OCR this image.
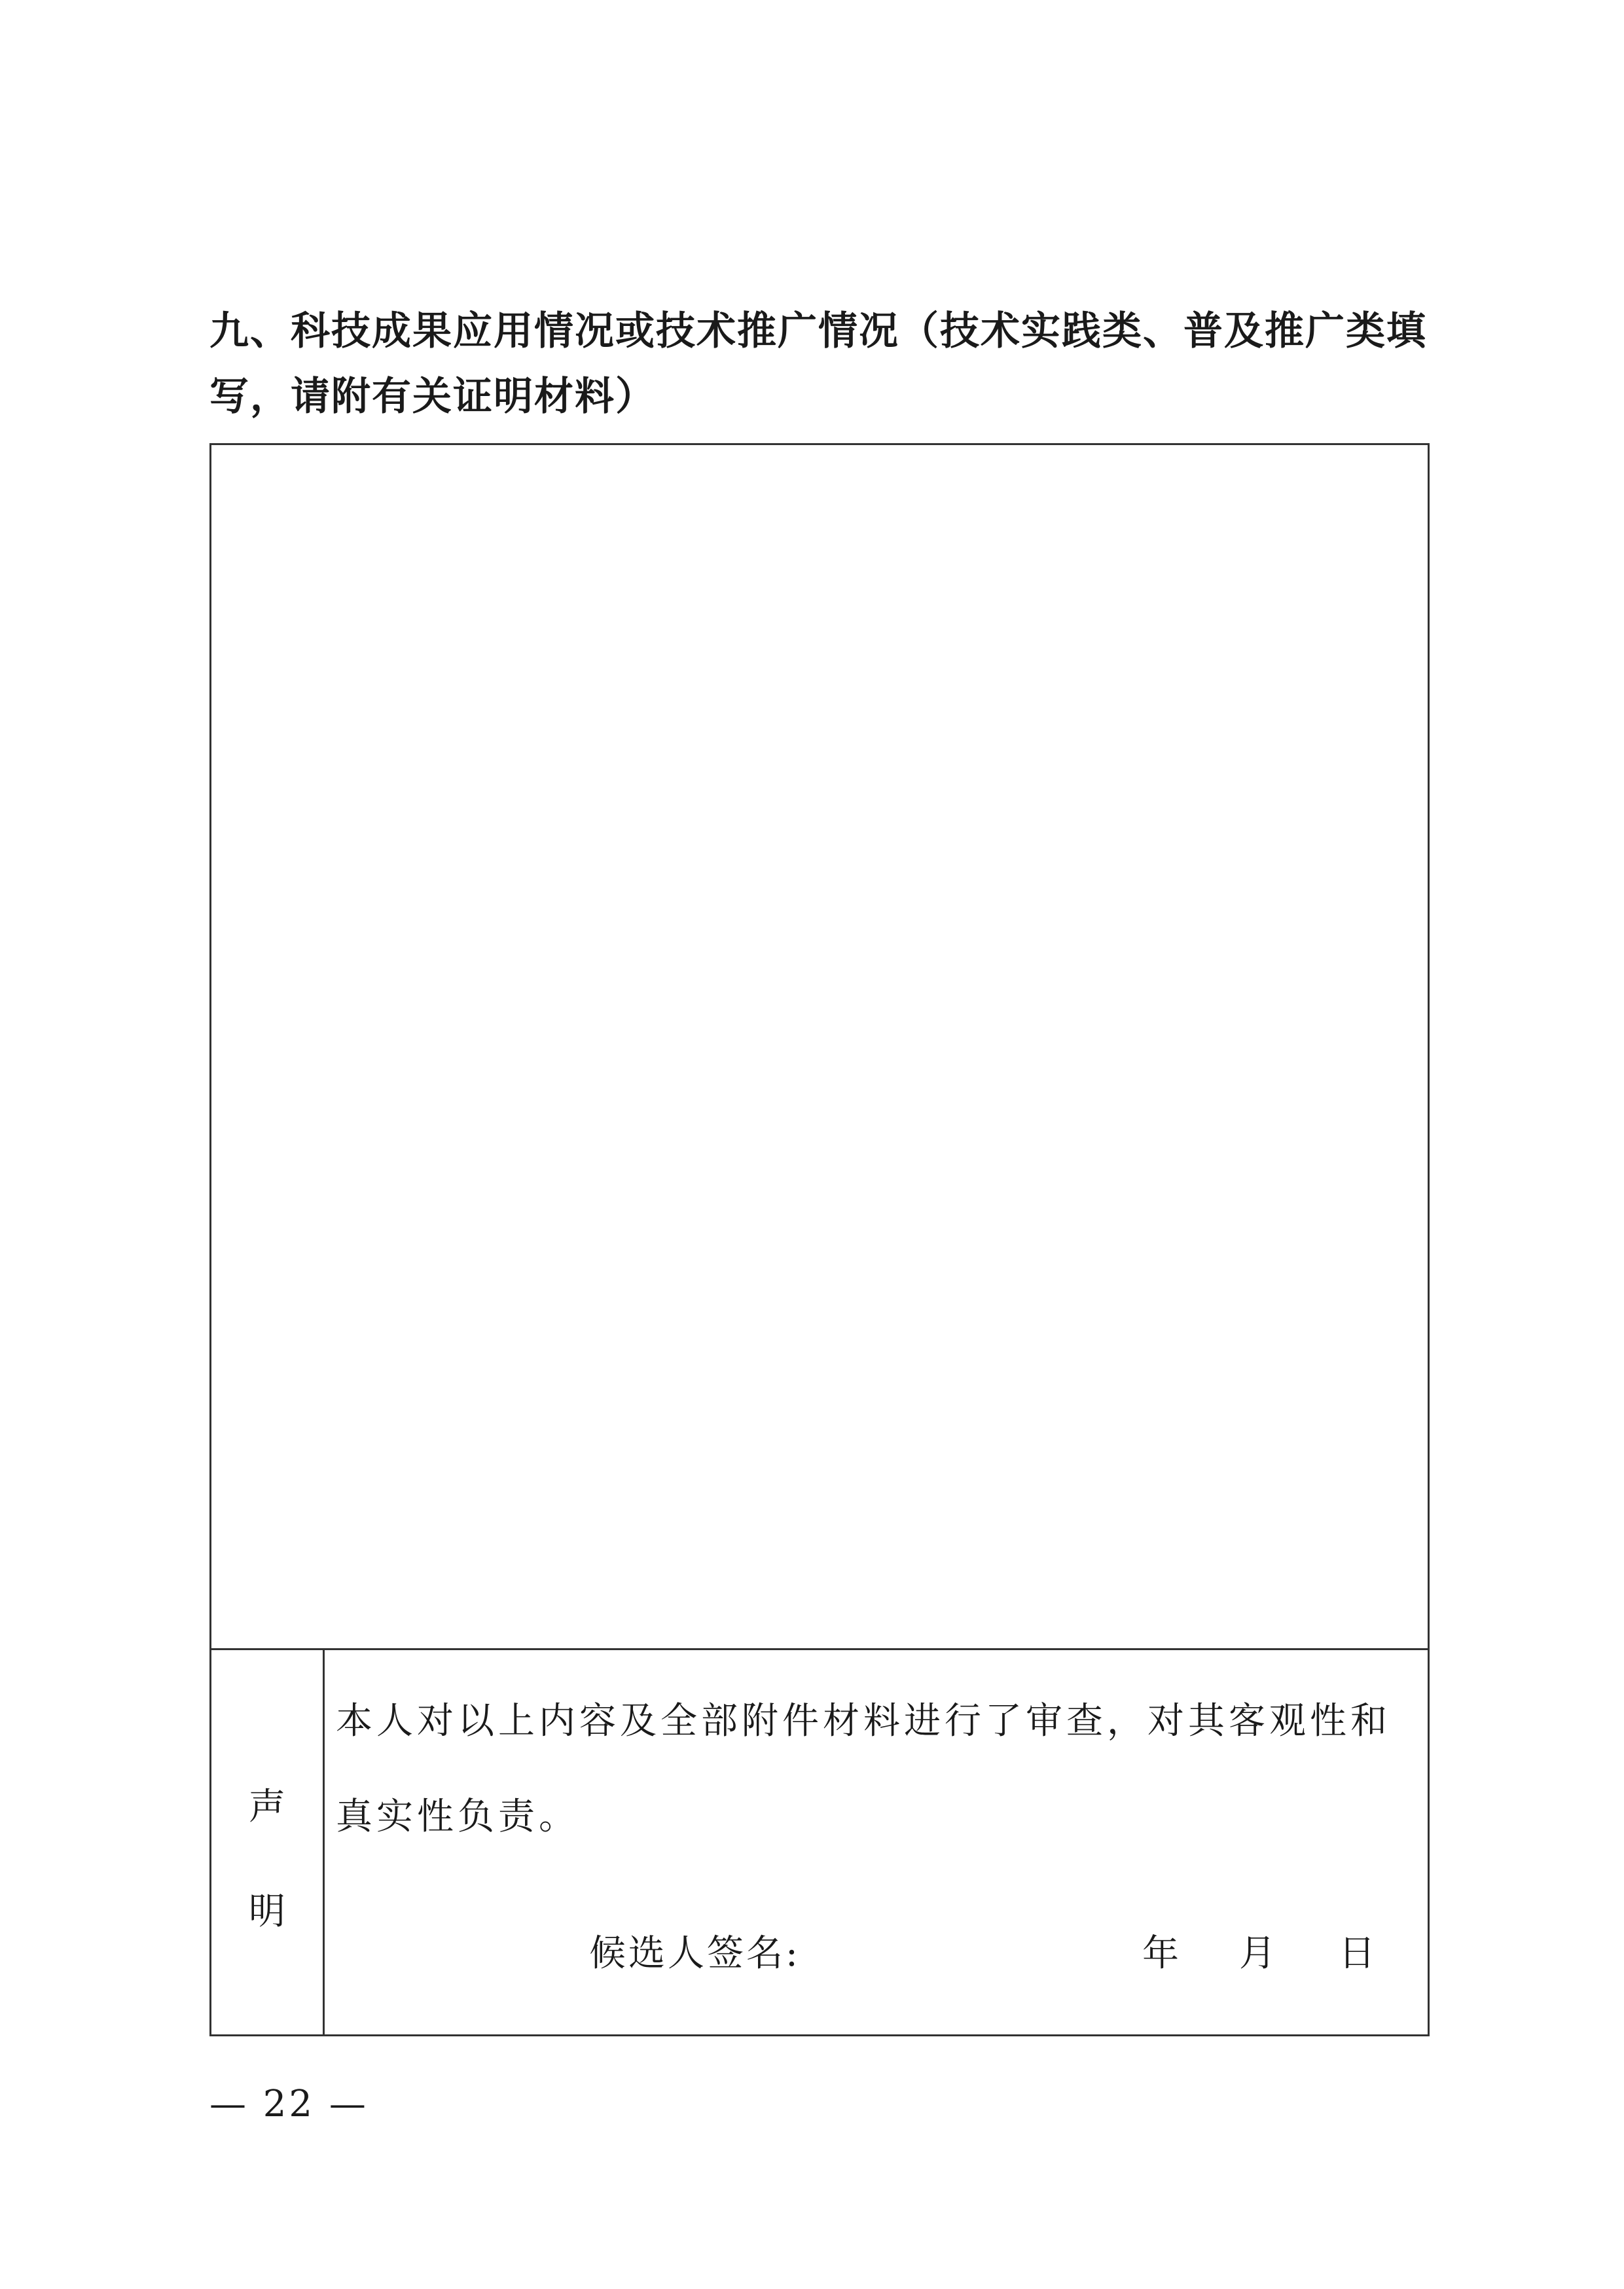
九、科技成果应用情况或技术推广情况（技术实践类、普及推广类填写，请附有关证明材料）
声
明

本人对以上内容及全部附件材料进行了审查，对其客观性和真实性负责。

候选人签名:	年 月 日
— 22 —
